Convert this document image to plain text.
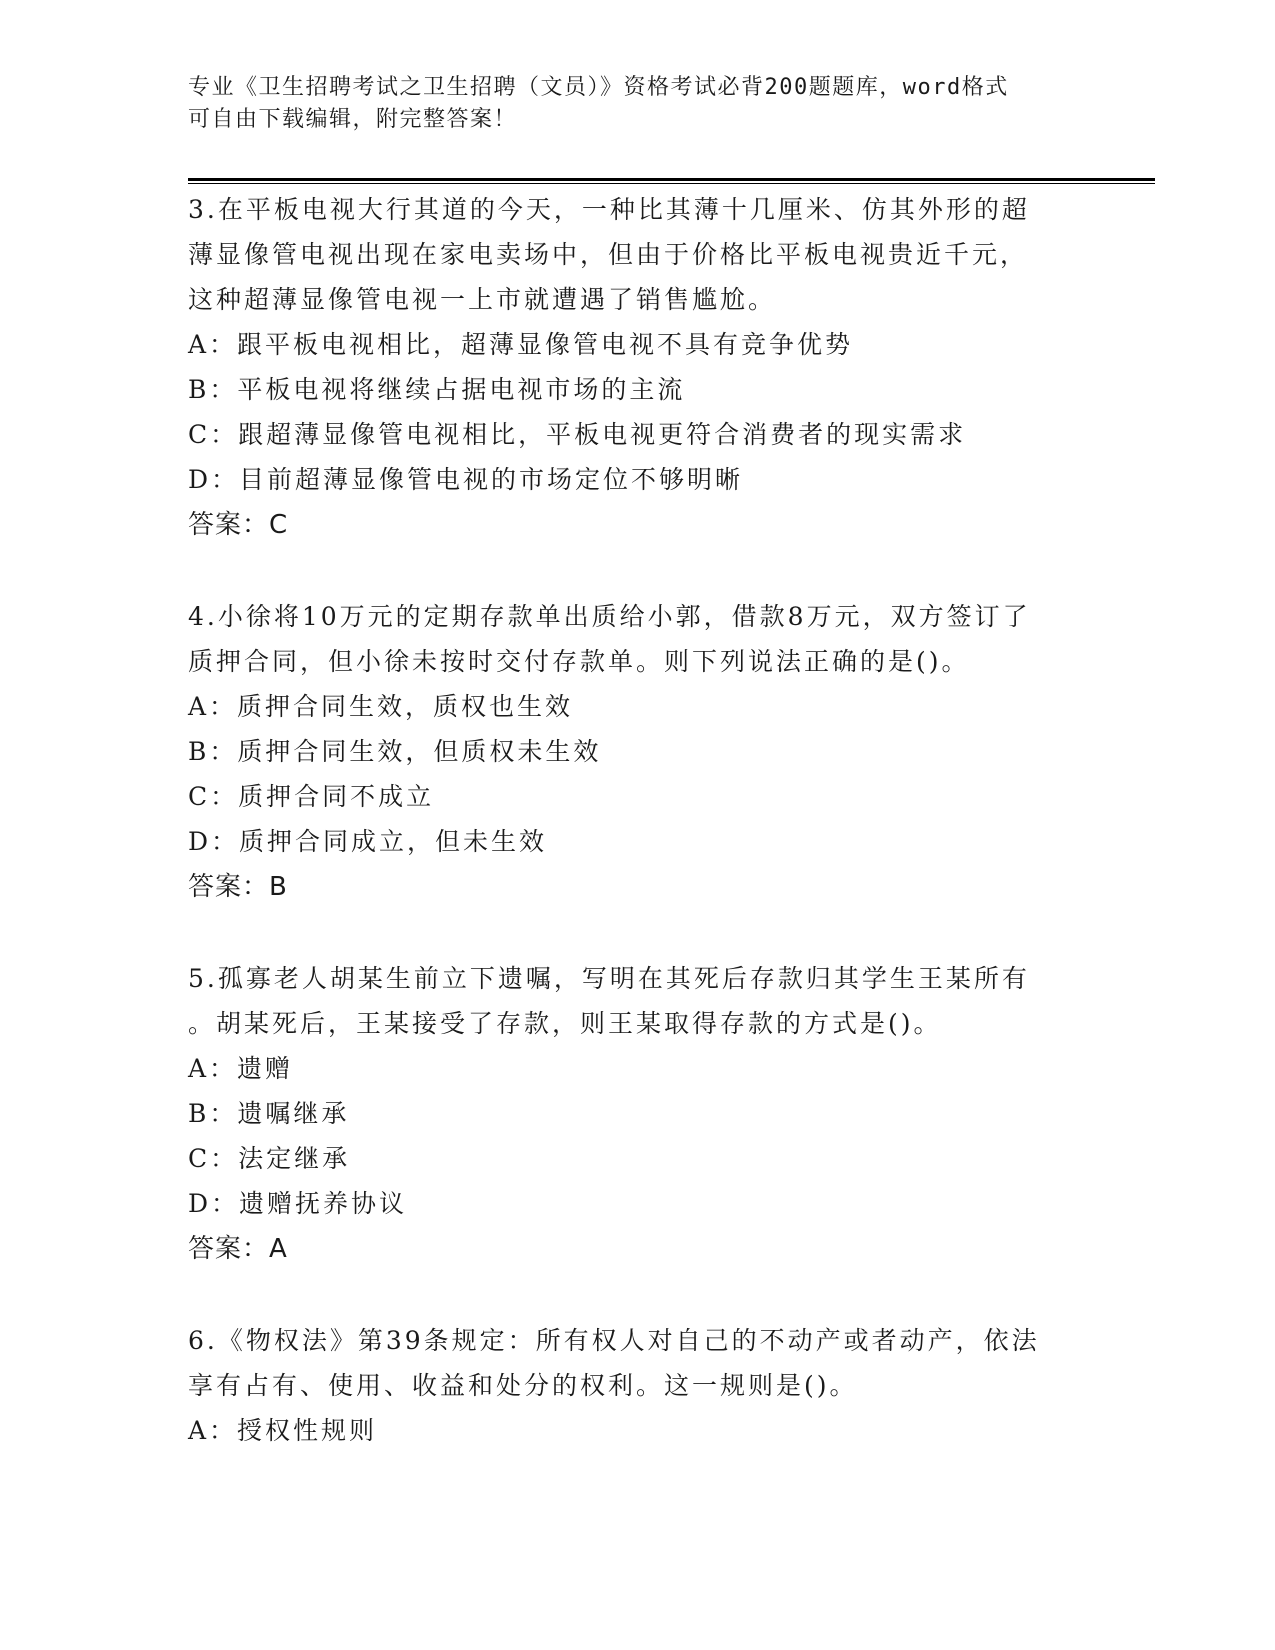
专业《卫生招聘考试之卫生招聘（文员）》资格考试必背200题题库，word格式

可自由下载编辑，附完整答案！

3.在平板电视大行其道的今天，一种比其薄十几厘米、仿其外形的超

薄显像管电视出现在家电卖场中，但由于价格比平板电视贵近千元，

这种超薄显像管电视一上市就遭遇了销售尴尬。

A：跟平板电视相比，超薄显像管电视不具有竞争优势

B：平板电视将继续占据电视市场的主流

C：跟超薄显像管电视相比，平板电视更符合消费者的现实需求

D：目前超薄显像管电视的市场定位不够明晰

答案：C

4.小徐将10万元的定期存款单出质给小郭，借款8万元，双方签订了

质押合同，但小徐未按时交付存款单。则下列说法正确的是()。

A：质押合同生效，质权也生效

B：质押合同生效，但质权未生效

C：质押合同不成立

D：质押合同成立，但未生效

答案：B

5.孤寡老人胡某生前立下遗嘱，写明在其死后存款归其学生王某所有

。胡某死后，王某接受了存款，则王某取得存款的方式是()。

A：遗赠

B：遗嘱继承

C：法定继承

D：遗赠抚养协议

答案：A

6.《物权法》第39条规定：所有权人对自己的不动产或者动产，依法

享有占有、使用、收益和处分的权利。这一规则是()。

A：授权性规则
